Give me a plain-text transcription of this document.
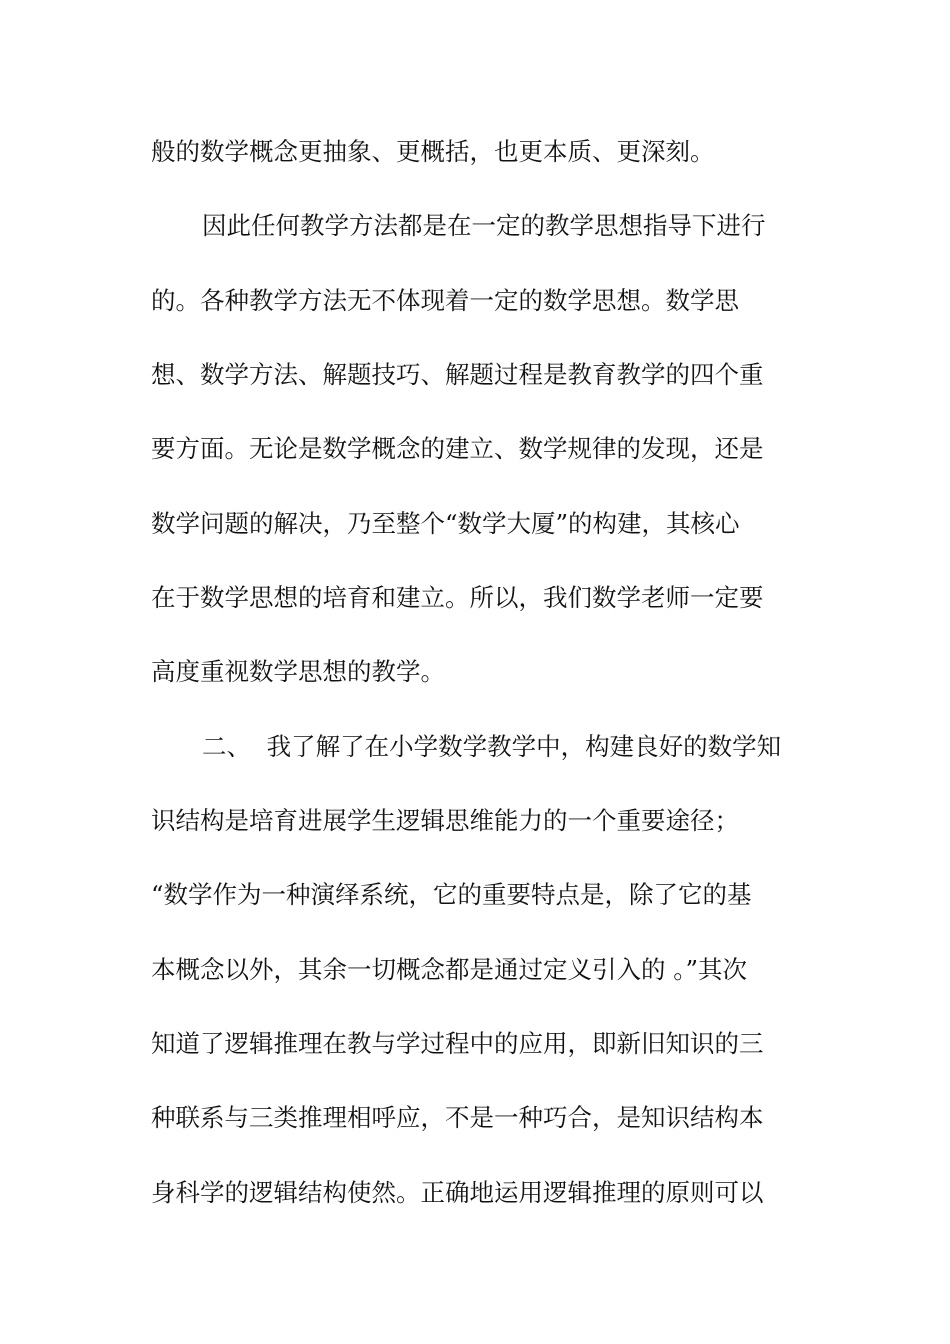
般的数学概念更抽象、更概括，也更本质、更深刻。

因此任何教学方法都是在一定的教学思想指导下进行

的。各种教学方法无不体现着一定的数学思想。数学思

想、数学方法、解题技巧、解题过程是教育教学的四个重

要方面。无论是数学概念的建立、数学规律的发现，还是

数学问题的解决，乃至整个“数学大厦”的构建，其核心

在于数学思想的培育和建立。所以，我们数学老师一定要

高度重视数学思想的教学。

二、  我了解了在小学数学教学中，构建良好的数学知

识结构是培育进展学生逻辑思维能力的一个重要途径；

“数学作为一种演绎系统，它的重要特点是，除了它的基

本概念以外，其余一切概念都是通过定义引入的 。”其次

知道了逻辑推理在教与学过程中的应用，即新旧知识的三

种联系与三类推理相呼应，不是一种巧合，是知识结构本

身科学的逻辑结构使然。正确地运用逻辑推理的原则可以
